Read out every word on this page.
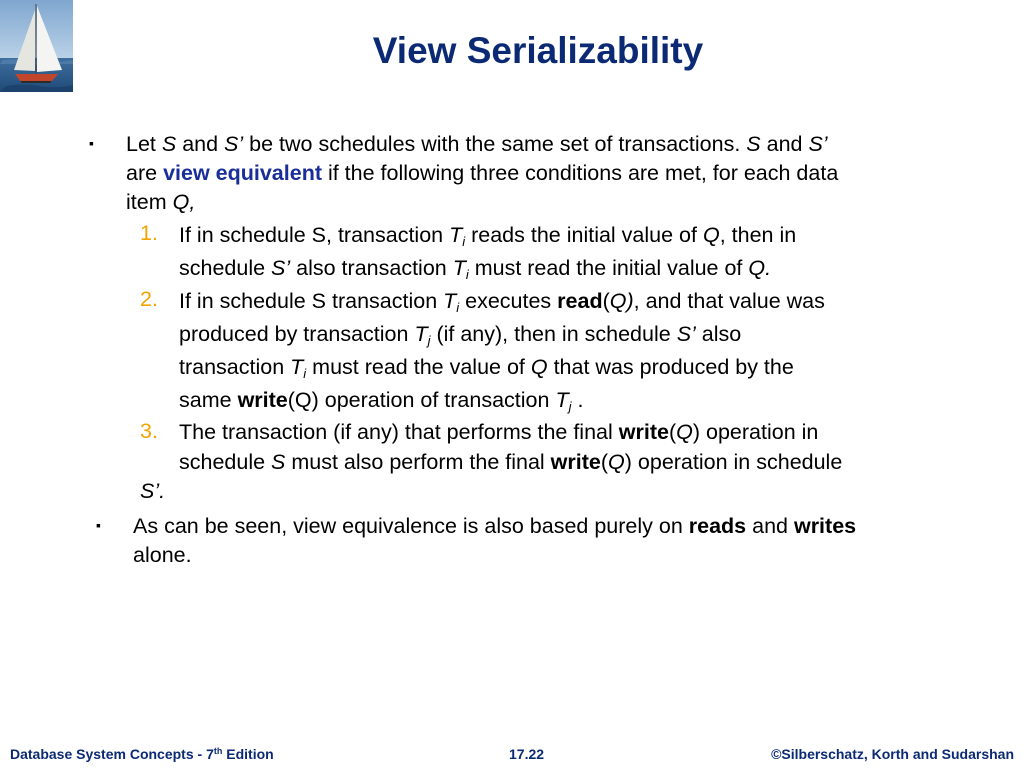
View Serializability
▪ Let S and S’ be two schedules with the same set of transactions. S and S’
are view equivalent if the following three conditions are met, for each data
item Q,
1. If in schedule S, transaction $T_i$ reads the initial value of Q, then in
schedule S’ also transaction $T_i$ must read the initial value of Q.
2. If in schedule S transaction $T_i$ executes read(Q), and that value was
produced by transaction $T_j$ (if any), then in schedule S’ also
transaction $T_i$ must read the value of Q that was produced by the
same write(Q) operation of transaction $T_j$ .
3. The transaction (if any) that performs the final write(Q) operation in
schedule S must also perform the final write(Q) operation in schedule
S’.
▪ As can be seen, view equivalence is also based purely on reads and writes
alone.
Database System Concepts - 7th Edition	17.22	©Silberschatz, Korth and Sudarshan
